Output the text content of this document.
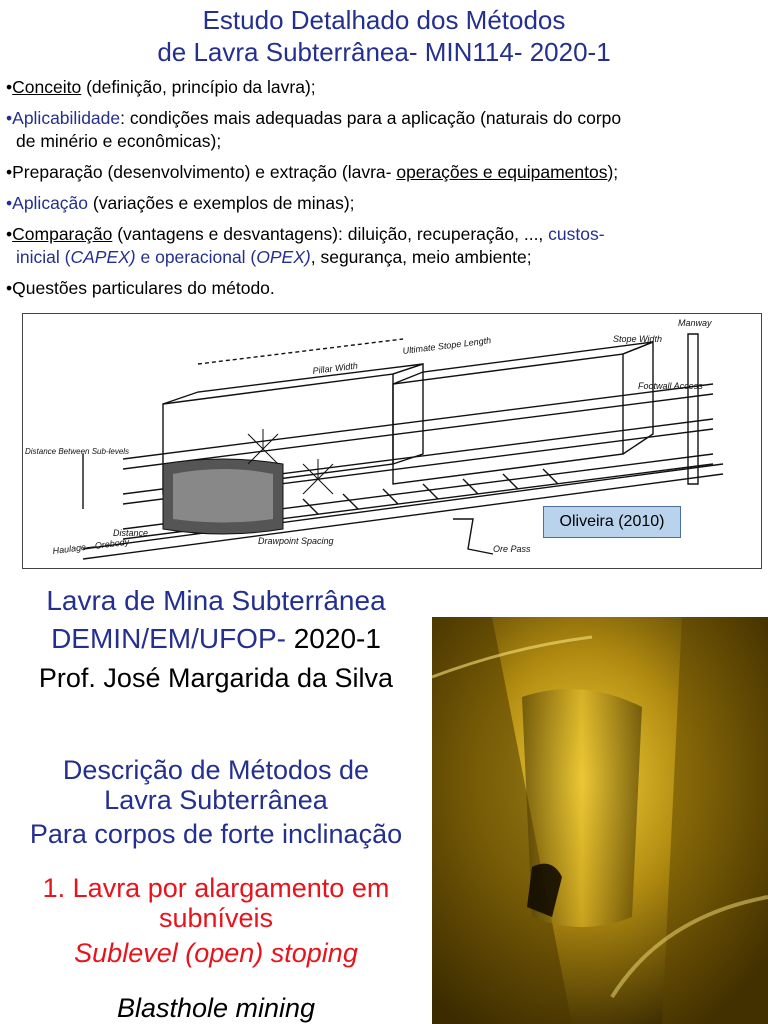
Estudo Detalhado dos Métodos
de Lavra Subterrânea- MIN114- 2020-1
•Conceito (definição, princípio da lavra);
•Aplicabilidade: condições mais adequadas para a aplicação (naturais do corpo
de minério e econômicas);
•Preparação (desenvolvimento) e extração (lavra- operações e equipamentos);
•Aplicação (variações e exemplos de minas);
•Comparação (vantagens e desvantagens): diluição, recuperação, ..., custos-
inicial (CAPEX) e operacional (OPEX), segurança, meio ambiente;
•Questões particulares do método.
Manway
Stope Width
Ultimate Stope Length
Pillar Width
Footwall Access
Distance Between Sub-levels
Distance
Haulage—Orebody	Drawpoint Spacing
Ore Pass
Oliveira (2010)
Lavra de Mina Subterrânea
DEMIN/EM/UFOP- 2020-1
Prof. José Margarida da Silva
Descrição de Métodos de
Lavra Subterrânea
Para corpos de forte inclinação
1. Lavra por alargamento em
subníveis
Sublevel (open) stoping
Blasthole mining
